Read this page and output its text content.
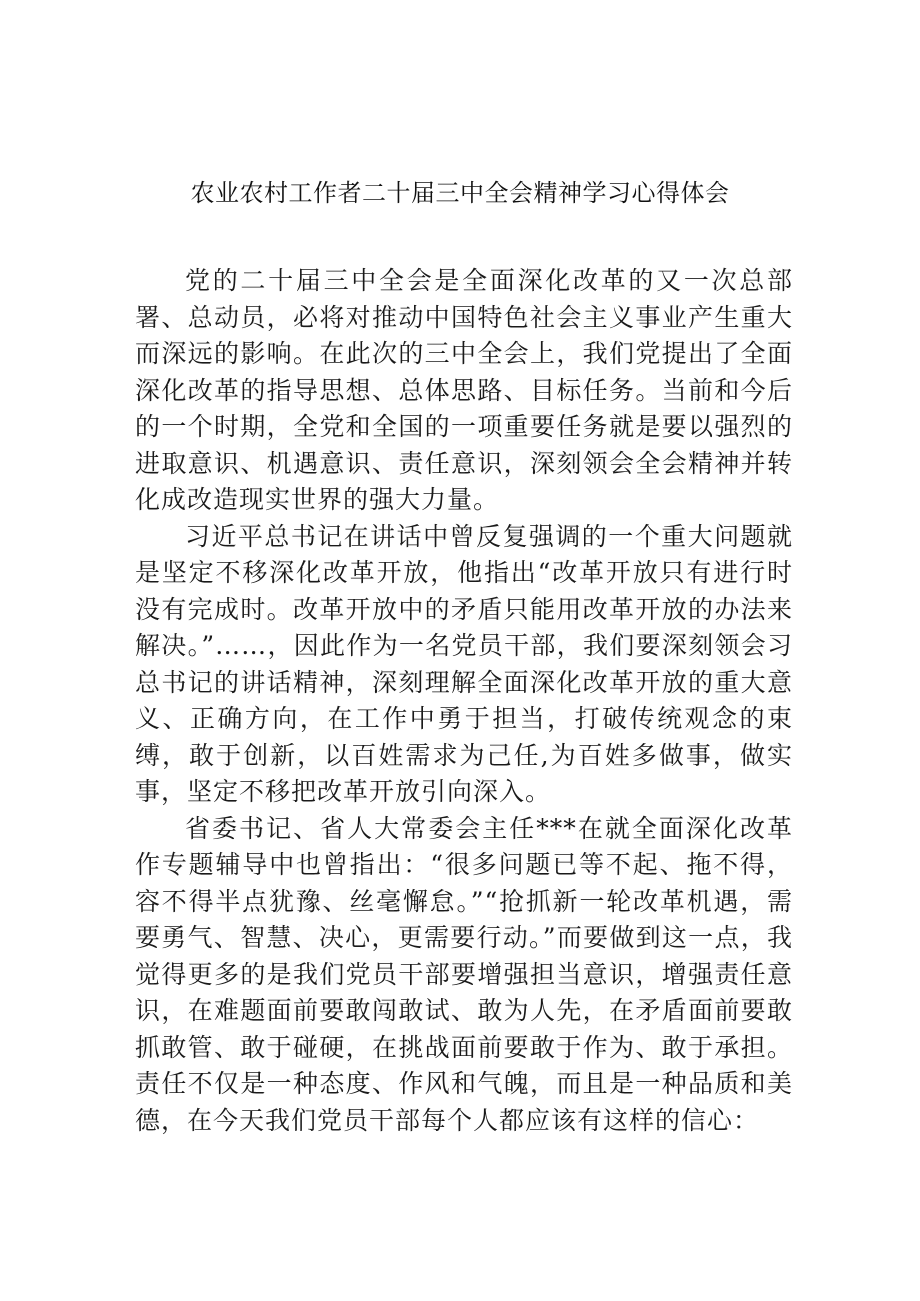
农业农村工作者二十届三中全会精神学习心得体会

党的二十届三中全会是全面深化改革的又一次总部署、总动员，必将对推动中国特色社会主义事业产生重大而深远的影响。在此次的三中全会上，我们党提出了全面深化改革的指导思想、总体思路、目标任务。当前和今后的一个时期，全党和全国的一项重要任务就是要以强烈的进取意识、机遇意识、责任意识，深刻领会全会精神并转化成改造现实世界的强大力量。

习近平总书记在讲话中曾反复强调的一个重大问题就是坚定不移深化改革开放，他指出“改革开放只有进行时没有完成时。改革开放中的矛盾只能用改革开放的办法来解决。”……，因此作为一名党员干部，我们要深刻领会习总书记的讲话精神，深刻理解全面深化改革开放的重大意义、正确方向，在工作中勇于担当，打破传统观念的束缚，敢于创新，以百姓需求为己任,为百姓多做事，做实事，坚定不移把改革开放引向深入。

省委书记、省人大常委会主任***在就全面深化改革作专题辅导中也曾指出：“很多问题已等不起、拖不得，容不得半点犹豫、丝毫懈怠。”“抢抓新一轮改革机遇，需要勇气、智慧、决心，更需要行动。”而要做到这一点，我觉得更多的是我们党员干部要增强担当意识，增强责任意识，在难题面前要敢闯敢试、敢为人先，在矛盾面前要敢抓敢管、敢于碰硬，在挑战面前要敢于作为、敢于承担。责任不仅是一种态度、作风和气魄，而且是一种品质和美德，在今天我们党员干部每个人都应该有这样的信心：
